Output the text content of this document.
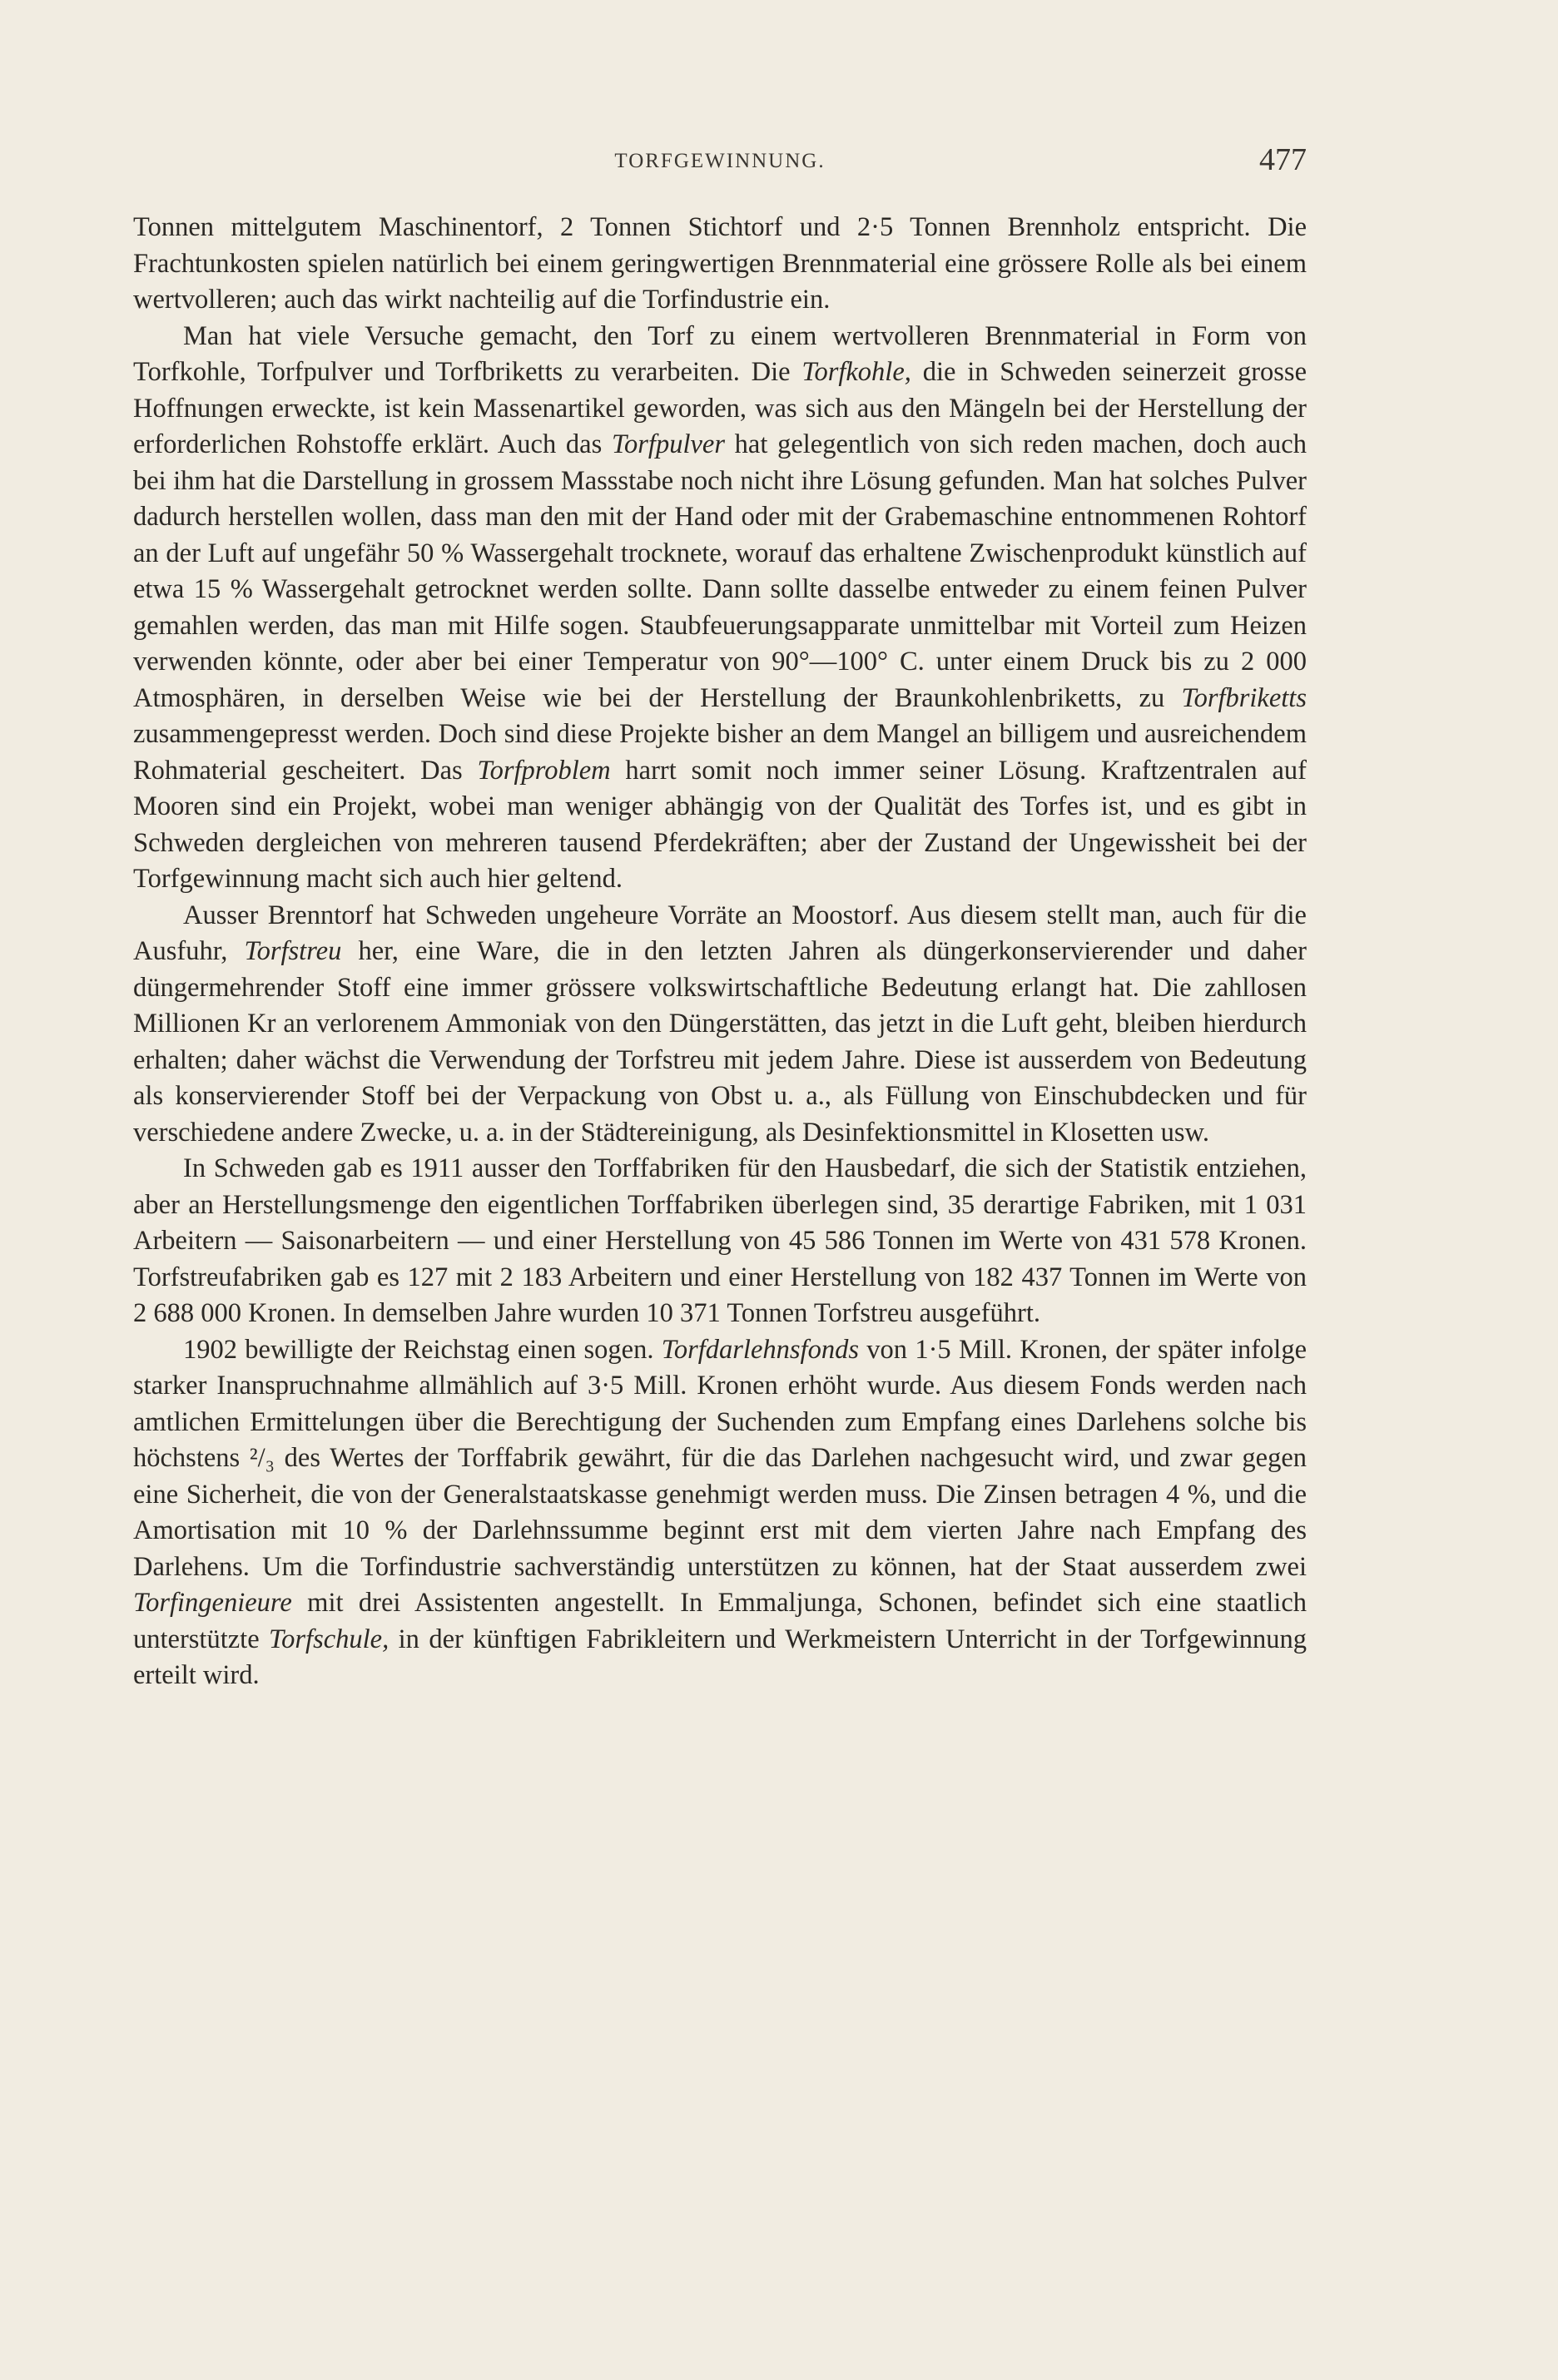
TORFGEWINNUNG.	477

Tonnen mittelgutem Maschinentorf, 2 Tonnen Stichtorf und 2·5 Tonnen Brennholz entspricht. Die Frachtunkosten spielen natürlich bei einem geringwertigen Brennmaterial eine grössere Rolle als bei einem wertvolleren; auch das wirkt nachteilig auf die Torfindustrie ein.

Man hat viele Versuche gemacht, den Torf zu einem wertvolleren Brennmaterial in Form von Torfkohle, Torfpulver und Torfbriketts zu verarbeiten. Die Torfkohle, die in Schweden seinerzeit grosse Hoffnungen erweckte, ist kein Massenartikel geworden, was sich aus den Mängeln bei der Herstellung der erforderlichen Rohstoffe erklärt. Auch das Torfpulver hat gelegentlich von sich reden machen, doch auch bei ihm hat die Darstellung in grossem Massstabe noch nicht ihre Lösung gefunden. Man hat solches Pulver dadurch herstellen wollen, dass man den mit der Hand oder mit der Grabemaschine entnommenen Rohtorf an der Luft auf ungefähr 50 % Wassergehalt trocknete, worauf das erhaltene Zwischenprodukt künstlich auf etwa 15 % Wassergehalt getrocknet werden sollte. Dann sollte dasselbe entweder zu einem feinen Pulver gemahlen werden, das man mit Hilfe sogen. Staubfeuerungsapparate unmittelbar mit Vorteil zum Heizen verwenden könnte, oder aber bei einer Temperatur von 90°—100° C. unter einem Druck bis zu 2 000 Atmosphären, in derselben Weise wie bei der Herstellung der Braunkohlenbriketts, zu Torfbriketts zusammengepresst werden. Doch sind diese Projekte bisher an dem Mangel an billigem und ausreichendem Rohmaterial gescheitert. Das Torfproblem harrt somit noch immer seiner Lösung. Kraftzentralen auf Mooren sind ein Projekt, wobei man weniger abhängig von der Qualität des Torfes ist, und es gibt in Schweden dergleichen von mehreren tausend Pferdekräften; aber der Zustand der Ungewissheit bei der Torfgewinnung macht sich auch hier geltend.

Ausser Brenntorf hat Schweden ungeheure Vorräte an Moostorf. Aus diesem stellt man, auch für die Ausfuhr, Torfstreu her, eine Ware, die in den letzten Jahren als düngerkonservierender und daher düngermehrender Stoff eine immer grössere volkswirtschaftliche Bedeutung erlangt hat. Die zahllosen Millionen Kr an verlorenem Ammoniak von den Düngerstätten, das jetzt in die Luft geht, bleiben hierdurch erhalten; daher wächst die Verwendung der Torfstreu mit jedem Jahre. Diese ist ausserdem von Bedeutung als konservierender Stoff bei der Verpackung von Obst u. a., als Füllung von Einschubdecken und für verschiedene andere Zwecke, u. a. in der Städtereinigung, als Desinfektionsmittel in Klosetten usw.

In Schweden gab es 1911 ausser den Torffabriken für den Hausbedarf, die sich der Statistik entziehen, aber an Herstellungsmenge den eigentlichen Torffabriken überlegen sind, 35 derartige Fabriken, mit 1 031 Arbeitern — Saisonarbeitern — und einer Herstellung von 45 586 Tonnen im Werte von 431 578 Kronen. Torfstreufabriken gab es 127 mit 2 183 Arbeitern und einer Herstellung von 182 437 Tonnen im Werte von 2 688 000 Kronen. In demselben Jahre wurden 10 371 Tonnen Torfstreu ausgeführt.

1902 bewilligte der Reichstag einen sogen. Torfdarlehnsfonds von 1·5 Mill. Kronen, der später infolge starker Inanspruchnahme allmählich auf 3·5 Mill. Kronen erhöht wurde. Aus diesem Fonds werden nach amtlichen Ermittelungen über die Berechtigung der Suchenden zum Empfang eines Darlehens solche bis höchstens ²/₃ des Wertes der Torffabrik gewährt, für die das Darlehen nachgesucht wird, und zwar gegen eine Sicherheit, die von der Generalstaatskasse genehmigt werden muss. Die Zinsen betragen 4 %, und die Amortisation mit 10 % der Darlehnssumme beginnt erst mit dem vierten Jahre nach Empfang des Darlehens. Um die Torfindustrie sachverständig unterstützen zu können, hat der Staat ausserdem zwei Torfingenieure mit drei Assistenten angestellt. In Emmaljunga, Schonen, befindet sich eine staatlich unterstützte Torfschule, in der künftigen Fabrikleitern und Werkmeistern Unterricht in der Torfgewinnung erteilt wird.
